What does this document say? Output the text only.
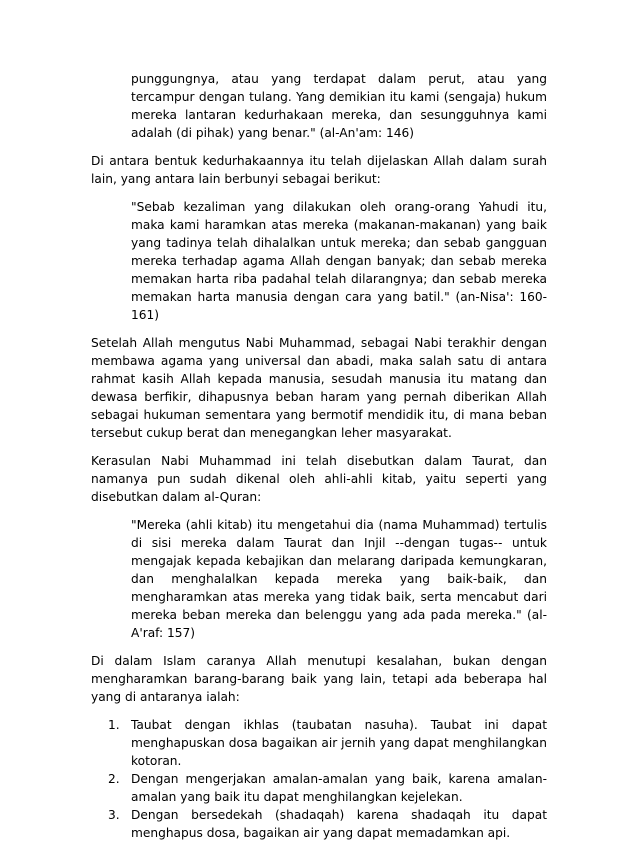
punggungnya, atau yang terdapat dalam perut, atau yang tercampur dengan tulang. Yang demikian itu kami (sengaja) hukum mereka lantaran kedurhakaan mereka, dan sesungguhnya kami adalah (di pihak) yang benar." (al-An'am: 146)

Di antara bentuk kedurhakaannya itu telah dijelaskan Allah dalam surah lain, yang antara lain berbunyi sebagai berikut:

"Sebab kezaliman yang dilakukan oleh orang-orang Yahudi itu, maka kami haramkan atas mereka (makanan-makanan) yang baik yang tadinya telah dihalalkan untuk mereka; dan sebab gangguan mereka terhadap agama Allah dengan banyak; dan sebab mereka memakan harta riba padahal telah dilarangnya; dan sebab mereka memakan harta manusia dengan cara yang batil." (an-Nisa': 160-161)

Setelah Allah mengutus Nabi Muhammad, sebagai Nabi terakhir dengan membawa agama yang universal dan abadi, maka salah satu di antara rahmat kasih Allah kepada manusia, sesudah manusia itu matang dan dewasa berfikir, dihapusnya beban haram yang pernah diberikan Allah sebagai hukuman sementara yang bermotif mendidik itu, di mana beban tersebut cukup berat dan menegangkan leher masyarakat.

Kerasulan Nabi Muhammad ini telah disebutkan dalam Taurat, dan namanya pun sudah dikenal oleh ahli-ahli kitab, yaitu seperti yang disebutkan dalam al-Quran:

"Mereka (ahli kitab) itu mengetahui dia (nama Muhammad) tertulis di sisi mereka dalam Taurat dan Injil --dengan tugas-- untuk mengajak kepada kebajikan dan melarang daripada kemungkaran, dan menghalalkan kepada mereka yang baik-baik, dan mengharamkan atas mereka yang tidak baik, serta mencabut dari mereka beban mereka dan belenggu yang ada pada mereka." (al-A'raf: 157)

Di dalam Islam caranya Allah menutupi kesalahan, bukan dengan mengharamkan barang-barang baik yang lain, tetapi ada beberapa hal yang di antaranya ialah:

1. Taubat dengan ikhlas (taubatan nasuha). Taubat ini dapat menghapuskan dosa bagaikan air jernih yang dapat menghilangkan kotoran.
2. Dengan mengerjakan amalan-amalan yang baik, karena amalan-amalan yang baik itu dapat menghilangkan kejelekan.
3. Dengan bersedekah (shadaqah) karena shadaqah itu dapat menghapus dosa, bagaikan air yang dapat memadamkan api.
